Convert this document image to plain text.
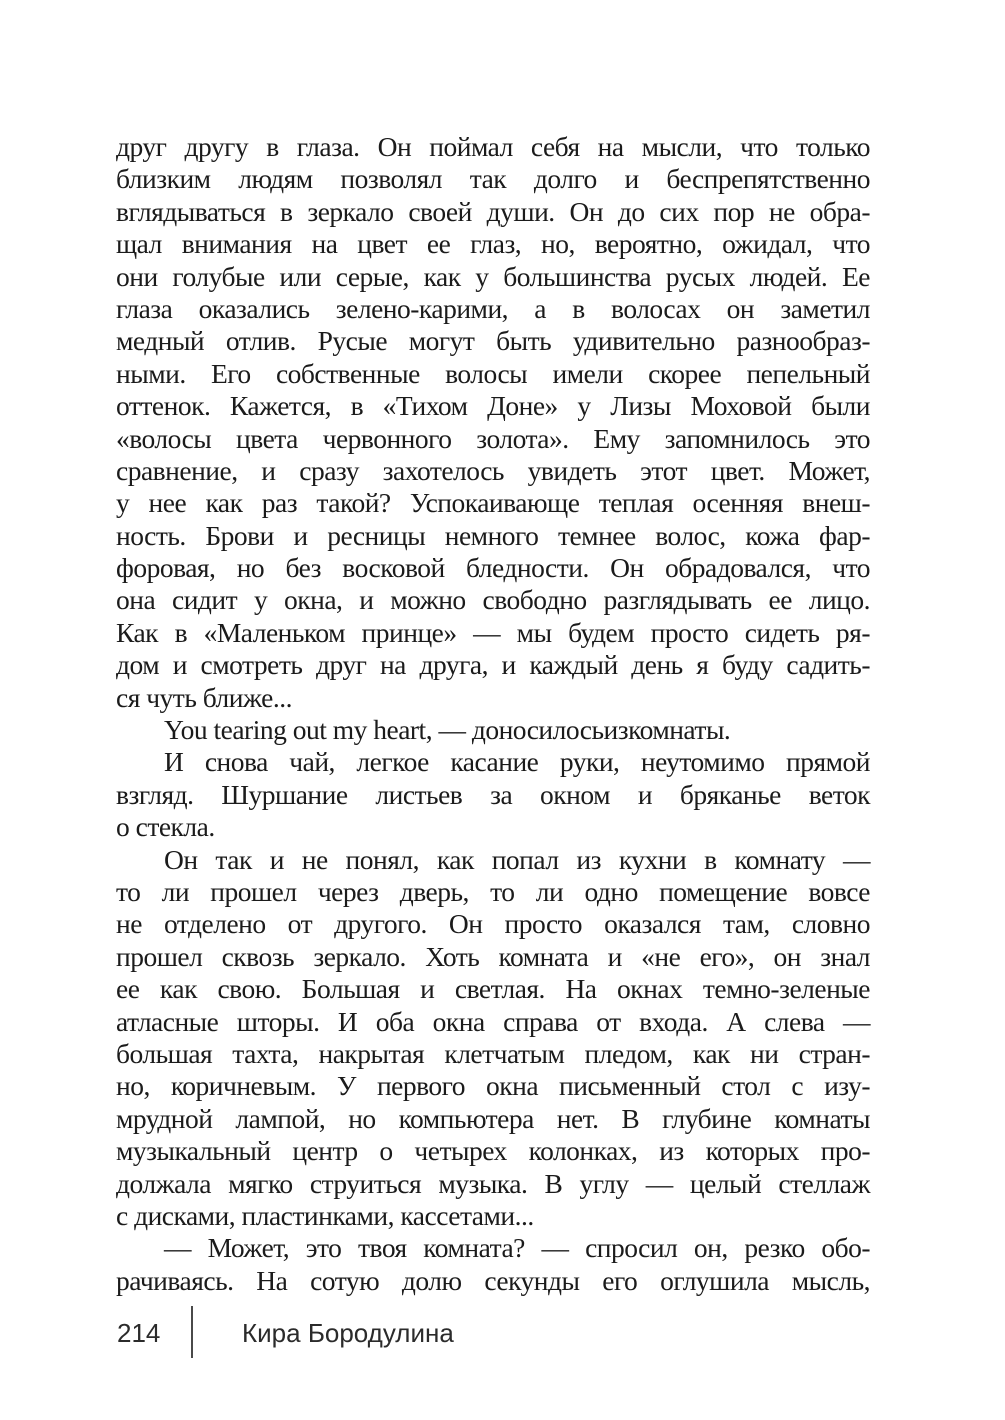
друг другу в глаза. Он поймал себя на мысли, что только
близким людям позволял так долго и беспрепятственно
вглядываться в зеркало своей души. Он до сих пор не обра-
щал внимания на цвет ее глаз, но, вероятно, ожидал, что
они голубые или серые, как у большинства русых людей. Ее
глаза оказались зелено-карими, а в волосах он заметил
медный отлив. Русые могут быть удивительно разнообраз-
ными. Его собственные волосы имели скорее пепельный
оттенок. Кажется, в «Тихом Доне» у Лизы Моховой были
«волосы цвета червонного золота». Ему запомнилось это
сравнение, и сразу захотелось увидеть этот цвет. Может,
у нее как раз такой? Успокаивающе теплая осенняя внеш-
ность. Брови и ресницы немного темнее волос, кожа фар-
форовая, но без восковой бледности. Он обрадовался, что
она сидит у окна, и можно свободно разглядывать ее лицо.
Как в «Маленьком принце» — мы будем просто сидеть ря-
дом и смотреть друг на друга, и каждый день я буду садить-
ся чуть ближе...
You tearing out my heart, — доносилосьизкомнаты.
И снова чай, легкое касание руки, неутомимо прямой
взгляд. Шуршание листьев за окном и бряканье веток
о стекла.
Он так и не понял, как попал из кухни в комнату —
то ли прошел через дверь, то ли одно помещение вовсе
не отделено от другого. Он просто оказался там, словно
прошел сквозь зеркало. Хоть комната и «не его», он знал
ее как свою. Большая и светлая. На окнах темно-зеленые
атласные шторы. И оба окна справа от входа. А слева —
большая тахта, накрытая клетчатым пледом, как ни стран-
но, коричневым. У первого окна письменный стол с изу-
мрудной лампой, но компьютера нет. В глубине комнаты
музыкальный центр о четырех колонках, из которых про-
должала мягко струиться музыка. В углу — целый стеллаж
с дисками, пластинками, кассетами...
— Может, это твоя комната? — спросил он, резко обо-
рачиваясь. На сотую долю секунды его оглушила мысль,
214	Кира Бородулина
